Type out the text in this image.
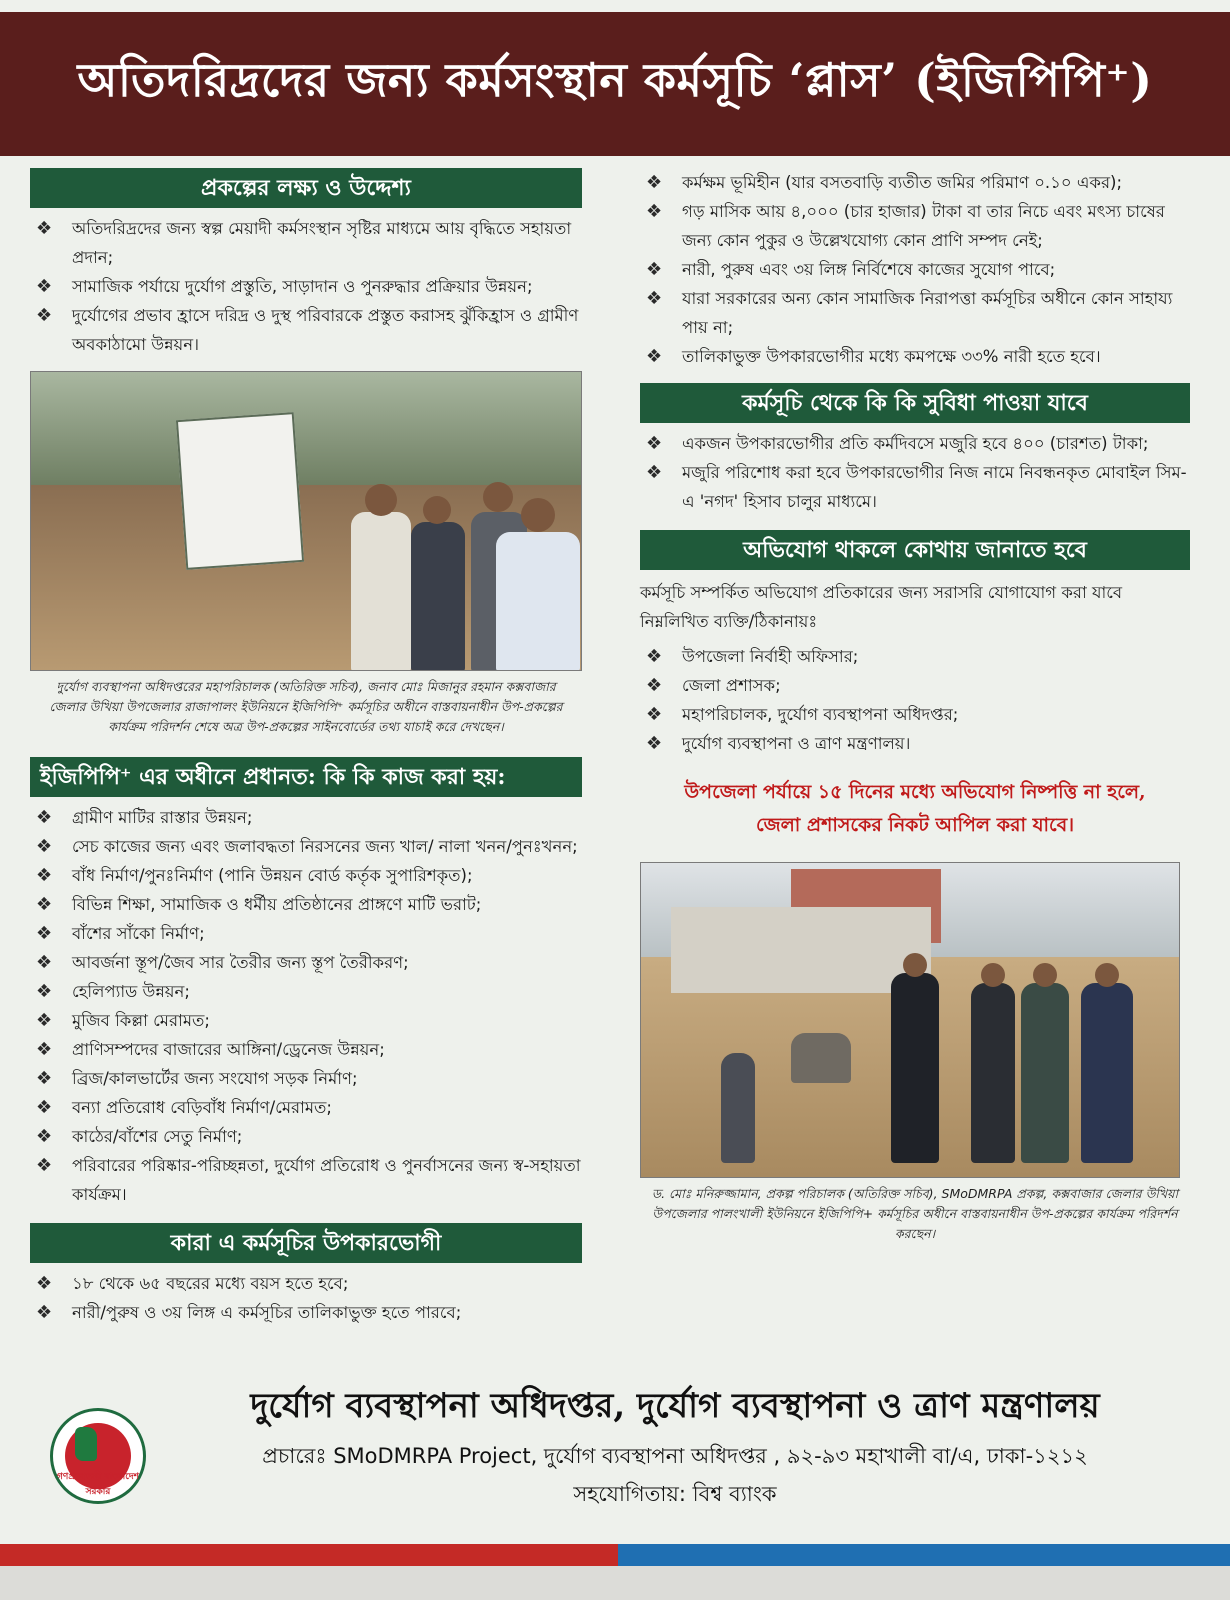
অতিদরিদ্রদের জন্য কর্মসংস্থান কর্মসূচি ‘প্লাস’ (ইজিপিপি⁺)
প্রকল্পের লক্ষ্য ও উদ্দেশ্য
❖ অতিদরিদ্রদের জন্য স্বল্প মেয়াদী কর্মসংস্থান সৃষ্টির মাধ্যমে আয় বৃদ্ধিতে সহায়তা প্রদান;
❖ সামাজিক পর্যায়ে দুর্যোগ প্রস্তুতি, সাড়াদান ও পুনরুদ্ধার প্রক্রিয়ার উন্নয়ন;
❖ দুর্যোগের প্রভাব হ্রাসে দরিদ্র ও দুস্থ পরিবারকে প্রস্তুত করাসহ ঝুঁকিহ্রাস ও গ্রামীণ অবকাঠামো উন্নয়ন।
দুর্যোগ ব্যবস্থাপনা অধিদপ্তরের মহাপরিচালক (অতিরিক্ত সচিব), জনাব মোঃ মিজানুর রহমান কক্সবাজার জেলার উখিয়া উপজেলার রাজাপালং ইউনিয়নে ইজিপিপি⁺ কর্মসূচির অধীনে বাস্তবায়নাধীন উপ-প্রকল্পের কার্যক্রম পরিদর্শন শেষে অত্র উপ-প্রকল্পের সাইনবোর্ডের তথ্য যাচাই করে দেখছেন।
ইজিপিপি⁺ এর অধীনে প্রধানত: কি কি কাজ করা হয়:
❖ গ্রামীণ মাটির রাস্তার উন্নয়ন;
❖ সেচ কাজের জন্য এবং জলাবদ্ধতা নিরসনের জন্য খাল/ নালা খনন/পুনঃখনন;
❖ বাঁধ নির্মাণ/পুনঃনির্মাণ (পানি উন্নয়ন বোর্ড কর্তৃক সুপারিশকৃত);
❖ বিভিন্ন শিক্ষা, সামাজিক ও ধর্মীয় প্রতিষ্ঠানের প্রাঙ্গণে মাটি ভরাট;
❖ বাঁশের সাঁকো নির্মাণ;
❖ আবর্জনা স্তূপ/জৈব সার তৈরীর জন্য স্তূপ তৈরীকরণ;
❖ হেলিপ্যাড উন্নয়ন;
❖ মুজিব কিল্লা মেরামত;
❖ প্রাণিসম্পদের বাজারের আঙ্গিনা/ড্রেনেজ উন্নয়ন;
❖ ব্রিজ/কালভার্টের জন্য সংযোগ সড়ক নির্মাণ;
❖ বন্যা প্রতিরোধ বেড়িবাঁধ নির্মাণ/মেরামত;
❖ কাঠের/বাঁশের সেতু নির্মাণ;
❖ পরিবারের পরিষ্কার-পরিচ্ছন্নতা, দুর্যোগ প্রতিরোধ ও পুনর্বাসনের জন্য স্ব-সহায়তা কার্যক্রম।
কারা এ কর্মসূচির উপকারভোগী
❖ ১৮ থেকে ৬৫ বছরের মধ্যে বয়স হতে হবে;
❖ নারী/পুরুষ ও ৩য় লিঙ্গ এ কর্মসূচির তালিকাভুক্ত হতে পারবে;
❖ কর্মক্ষম ভূমিহীন (যার বসতবাড়ি ব্যতীত জমির পরিমাণ ০.১০ একর);
❖ গড় মাসিক আয় ৪,০০০ (চার হাজার) টাকা বা তার নিচে এবং মৎস্য চাষের জন্য কোন পুকুর ও উল্লেখযোগ্য কোন প্রাণি সম্পদ নেই;
❖ নারী, পুরুষ এবং ৩য় লিঙ্গ নির্বিশেষে কাজের সুযোগ পাবে;
❖ যারা সরকারের অন্য কোন সামাজিক নিরাপত্তা কর্মসূচির অধীনে কোন সাহায্য পায় না;
❖ তালিকাভুক্ত উপকারভোগীর মধ্যে কমপক্ষে ৩৩% নারী হতে হবে।
কর্মসূচি থেকে কি কি সুবিধা পাওয়া যাবে
❖ একজন উপকারভোগীর প্রতি কর্মদিবসে মজুরি হবে ৪০০ (চারশত) টাকা;
❖ মজুরি পরিশোধ করা হবে উপকারভোগীর নিজ নামে নিবন্ধনকৃত মোবাইল সিম-এ 'নগদ' হিসাব চালুর মাধ্যমে।
অভিযোগ থাকলে কোথায় জানাতে হবে

কর্মসূচি সম্পর্কিত অভিযোগ প্রতিকারের জন্য সরাসরি যোগাযোগ করা যাবে নিম্নলিখিত ব্যক্তি/ঠিকানায়ঃ

❖ উপজেলা নির্বাহী অফিসার;
❖ জেলা প্রশাসক;
❖ মহাপরিচালক, দুর্যোগ ব্যবস্থাপনা অধিদপ্তর;
❖ দুর্যোগ ব্যবস্থাপনা ও ত্রাণ মন্ত্রণালয়।
উপজেলা পর্যায়ে ১৫ দিনের মধ্যে অভিযোগ নিষ্পত্তি না হলে,
জেলা প্রশাসকের নিকট আপিল করা যাবে।
ড. মোঃ মনিরুজ্জামান, প্রকল্প পরিচালক (অতিরিক্ত সচিব), SMoDMRPA প্রকল্প, কক্সবাজার জেলার উখিয়া উপজেলার পালংখালী ইউনিয়নে ইজিপিপি+ কর্মসূচির অধীনে বাস্তবায়নাধীন উপ-প্রকল্পের কার্যক্রম পরিদর্শন করছেন।
গণপ্রজাতন্ত্রী বাংলাদেশ সরকার
দুর্যোগ ব্যবস্থাপনা অধিদপ্তর, দুর্যোগ ব্যবস্থাপনা ও ত্রাণ মন্ত্রণালয়
প্রচারেঃ SMoDMRPA Project, দুর্যোগ ব্যবস্থাপনা অধিদপ্তর , ৯২-৯৩ মহাখালী বা/এ, ঢাকা-১২১২
সহযোগিতায়: বিশ্ব ব্যাংক
